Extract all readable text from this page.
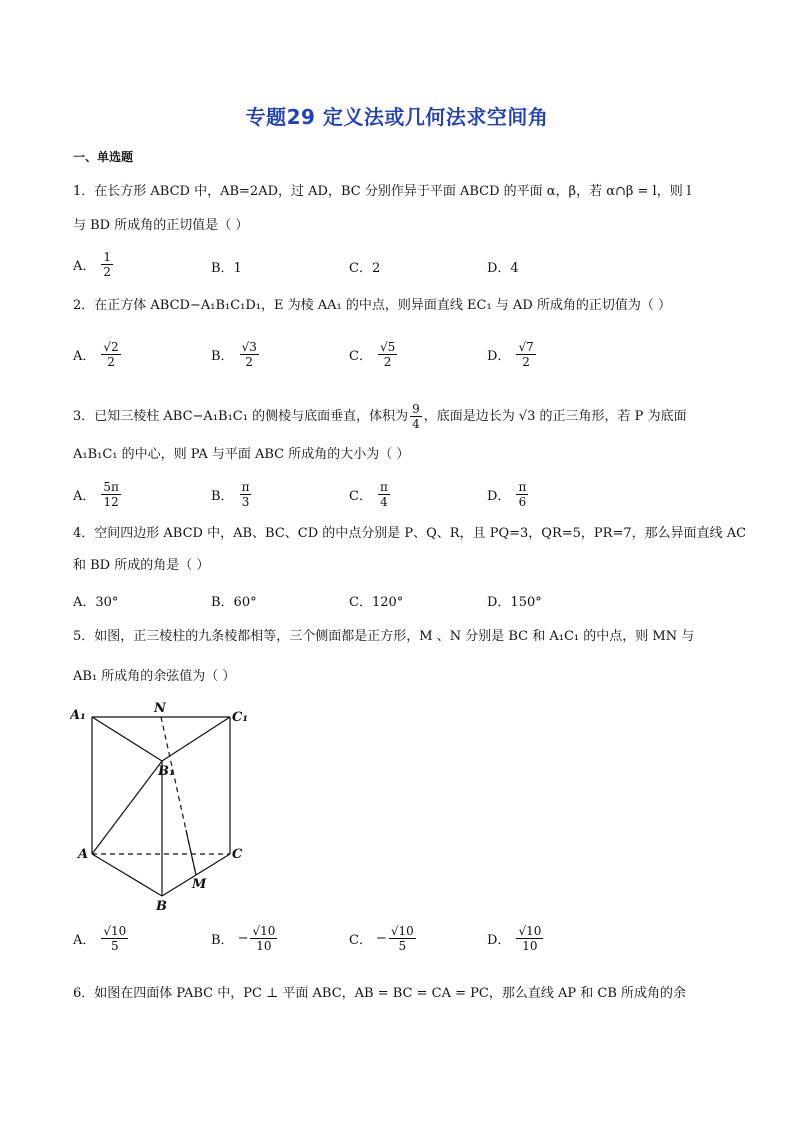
专题29 定义法或几何法求空间角
一、单选题
1．在长方形 ABCD 中，AB=2AD，过 AD，BC 分别作异于平面 ABCD 的平面 α，β，若 α∩β = l，则 l
与 BD 所成角的正切值是（ ）
A． $\frac{1}{2}$	B．1	C．2	D．4
2．在正方体 ABCD−A₁B₁C₁D₁，E 为棱 AA₁ 的中点，则异面直线 EC₁ 与 AD 所成角的正切值为（ ）
A． $\frac{√2}{2}$	B． $\frac{√3}{2}$	C． $\frac{√5}{2}$	D． $\frac{√7}{2}$
3．已知三棱柱 ABC−A₁B₁C₁ 的侧棱与底面垂直，体积为 $\frac{9}{4}$ ，底面是边长为 √3 的正三角形，若 P 为底面
A₁B₁C₁ 的中心，则 PA 与平面 ABC 所成角的大小为（ ）
A． $\frac{5\pi}{12}$	B． $\frac{\pi}{3}$	C． $\frac{\pi}{4}$	D． $\frac{\pi}{6}$
4．空间四边形 ABCD 中，AB、BC、CD 的中点分别是 P、Q、R，且 PQ=3，QR=5，PR=7，那么异面直线 AC
和 BD 所成的角是（ ）
A．30°	B．60°	C．120°	D．150°
5．如图，正三棱柱的九条棱都相等，三个侧面都是正方形，M 、N 分别是 BC 和 A₁C₁ 的中点，则 MN 与
AB₁ 所成角的余弦值为（ ）
A₁	N
C₁
B₁
A	C
M
B
A． $\frac{√10}{5}$	B． − $\frac{√10}{10}$	C． − $\frac{√10}{5}$	D． $\frac{√10}{10}$
6．如图在四面体 PABC 中，PC ⊥ 平面 ABC，AB = BC = CA = PC，那么直线 AP 和 CB 所成角的余
